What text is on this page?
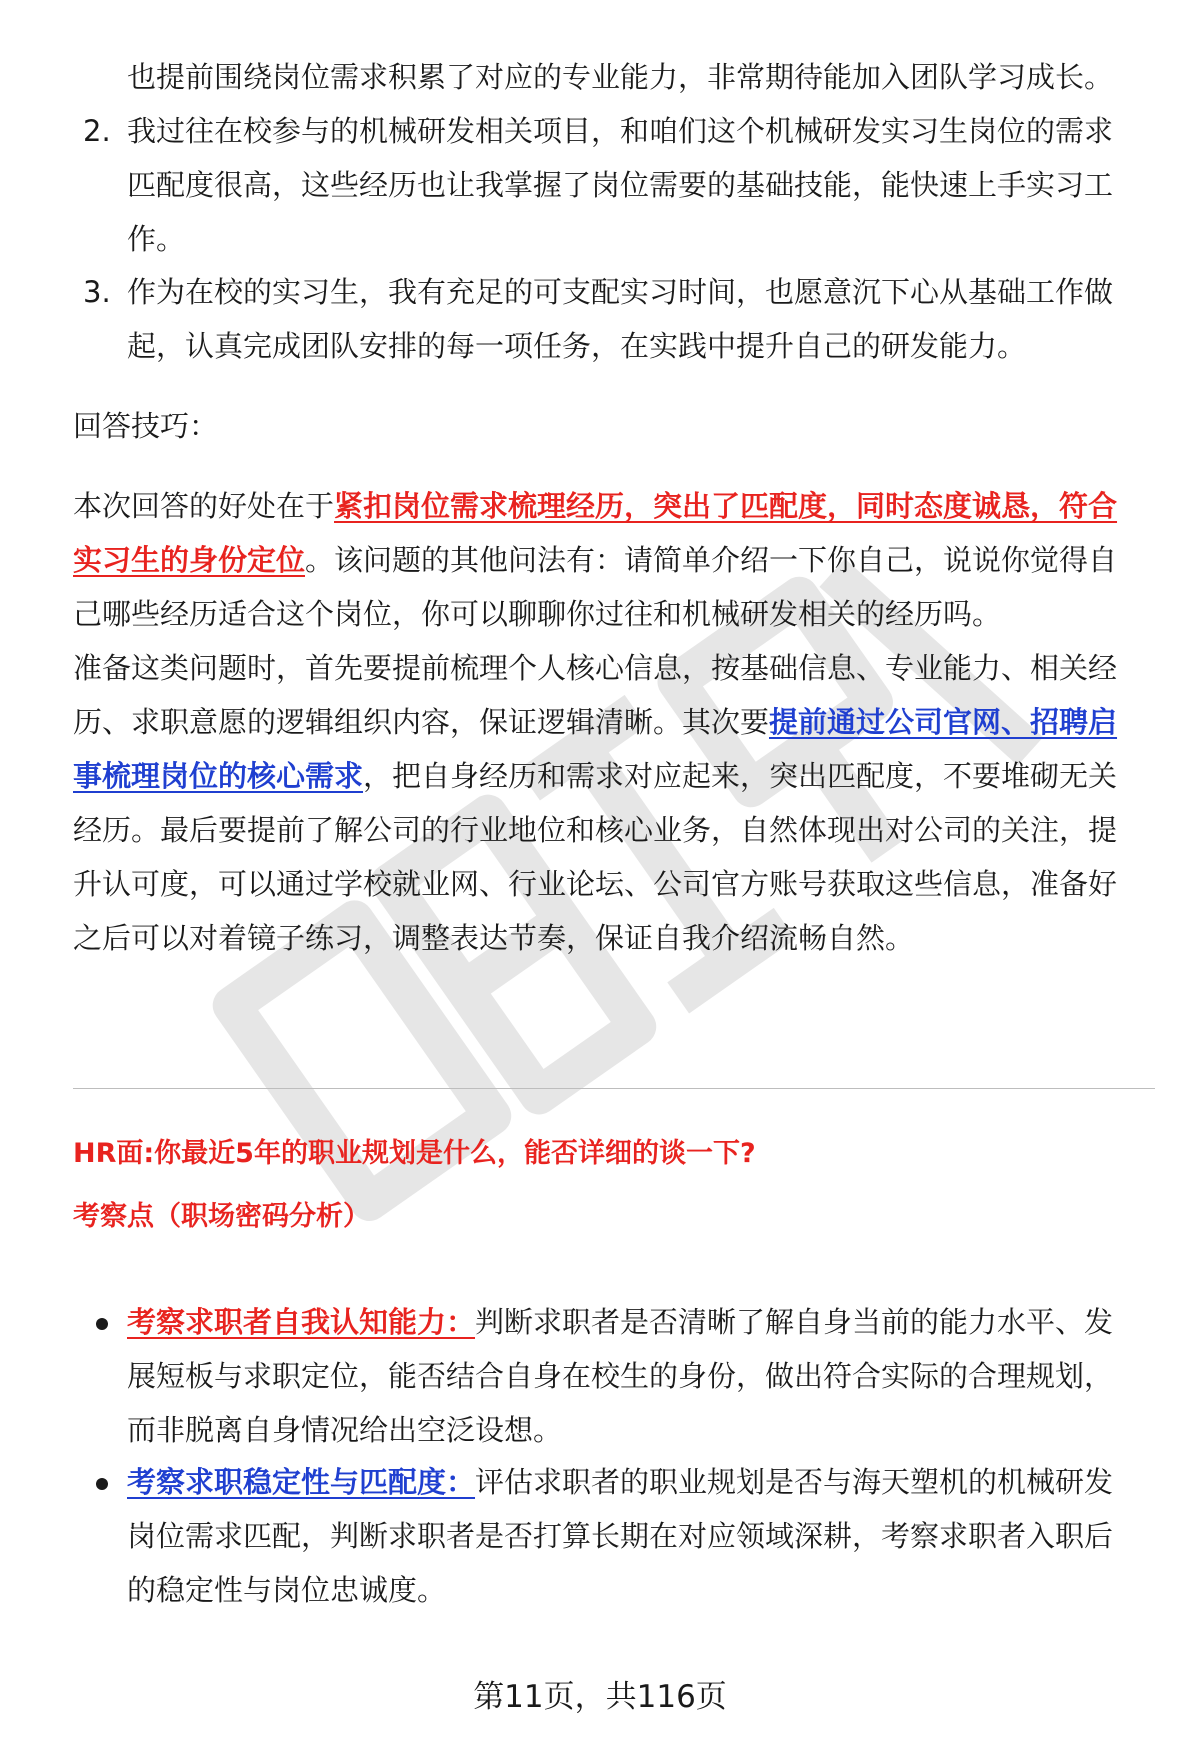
也提前围绕岗位需求积累了对应的专业能力，非常期待能加入团队学习成长。

2. 我过往在校参与的机械研发相关项目，和咱们这个机械研发实习生岗位的需求

匹配度很高，这些经历也让我掌握了岗位需要的基础技能，能快速上手实习工

作。

3. 作为在校的实习生，我有充足的可支配实习时间，也愿意沉下心从基础工作做

起，认真完成团队安排的每一项任务，在实践中提升自己的研发能力。

回答技巧：

本次回答的好处在于紧扣岗位需求梳理经历，突出了匹配度，同时态度诚恳，符合

实习生的身份定位。该问题的其他问法有：请简单介绍一下你自己，说说你觉得自

己哪些经历适合这个岗位，你可以聊聊你过往和机械研发相关的经历吗。

准备这类问题时，首先要提前梳理个人核心信息，按基础信息、专业能力、相关经

历、求职意愿的逻辑组织内容，保证逻辑清晰。其次要提前通过公司官网、招聘启

事梳理岗位的核心需求，把自身经历和需求对应起来，突出匹配度，不要堆砌无关

经历。最后要提前了解公司的行业地位和核心业务，自然体现出对公司的关注，提

升认可度，可以通过学校就业网、行业论坛、公司官方账号获取这些信息，准备好

之后可以对着镜子练习，调整表达节奏，保证自我介绍流畅自然。

HR面:你最近5年的职业规划是什么，能否详细的谈一下?

考察点（职场密码分析）

考察求职者自我认知能力：判断求职者是否清晰了解自身当前的能力水平、发

展短板与求职定位，能否结合自身在校生的身份，做出符合实际的合理规划，

而非脱离自身情况给出空泛设想。

考察求职稳定性与匹配度：评估求职者的职业规划是否与海天塑机的机械研发

岗位需求匹配，判断求职者是否打算长期在对应领域深耕，考察求职者入职后

的稳定性与岗位忠诚度。

第11页，共116页
